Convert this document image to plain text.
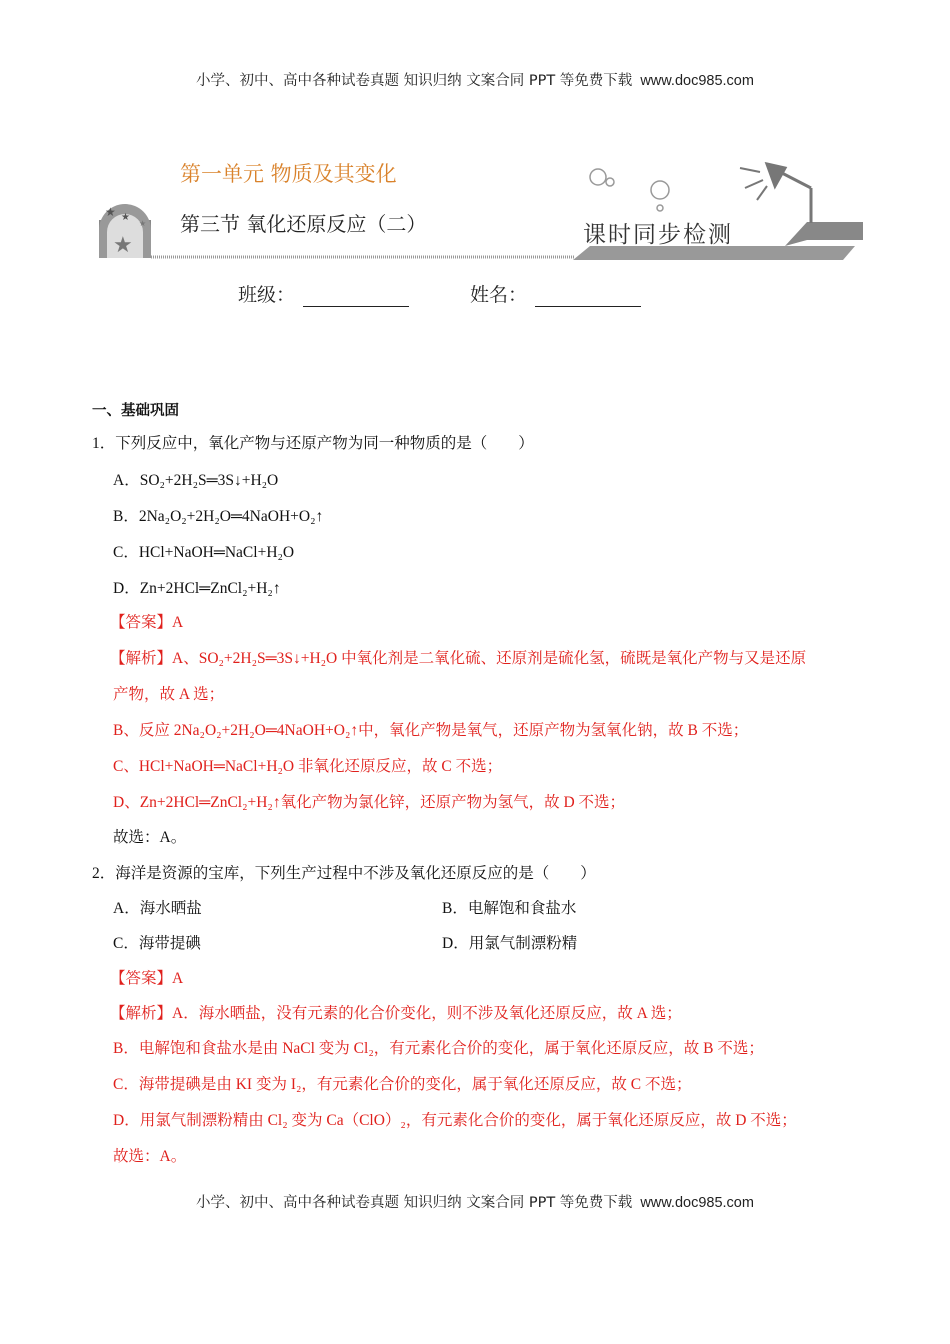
小学、初中、高中各种试卷真题 知识归纳 文案合同 PPT 等免费下载 www.doc985.com
★
★ ★
★
第一单元 物质及其变化
第三节 氧化还原反应（二）	课时同步检测
班级：	姓名：
一、基础巩固
1．下列反应中，氧化产物与还原产物为同一种物质的是（　　）
A．SO₂+2H₂S═3S↓+H₂O
B．2Na₂O₂+2H₂O═4NaOH+O₂↑
C．HCl+NaOH═NaCl+H₂O
D．Zn+2HCl═ZnCl₂+H₂↑
【答案】A
【解析】A、SO₂+2H₂S═3S↓+H₂O 中氧化剂是二氧化硫、还原剂是硫化氢，硫既是氧化产物与又是还原
产物，故 A 选；
B、反应 2Na₂O₂+2H₂O═4NaOH+O₂↑中，氧化产物是氧气，还原产物为氢氧化钠，故 B 不选；
C、HCl+NaOH═NaCl+H₂O 非氧化还原反应，故 C 不选；
D、Zn+2HCl═ZnCl₂+H₂↑氧化产物为氯化锌，还原产物为氢气，故 D 不选；
故选：A。
2．海洋是资源的宝库，下列生产过程中不涉及氧化还原反应的是（　　）
A．海水晒盐	B．电解饱和食盐水
C．海带提碘	D．用氯气制漂粉精
【答案】A
【解析】A．海水晒盐，没有元素的化合价变化，则不涉及氧化还原反应，故 A 选；
B．电解饱和食盐水是由 NaCl 变为 Cl₂，有元素化合价的变化，属于氧化还原反应，故 B 不选；
C．海带提碘是由 KI 变为 I₂，有元素化合价的变化，属于氧化还原反应，故 C 不选；
D．用氯气制漂粉精由 Cl₂ 变为 Ca（ClO）₂，有元素化合价的变化，属于氧化还原反应，故 D 不选；
故选：A。
小学、初中、高中各种试卷真题 知识归纳 文案合同 PPT 等免费下载 www.doc985.com
